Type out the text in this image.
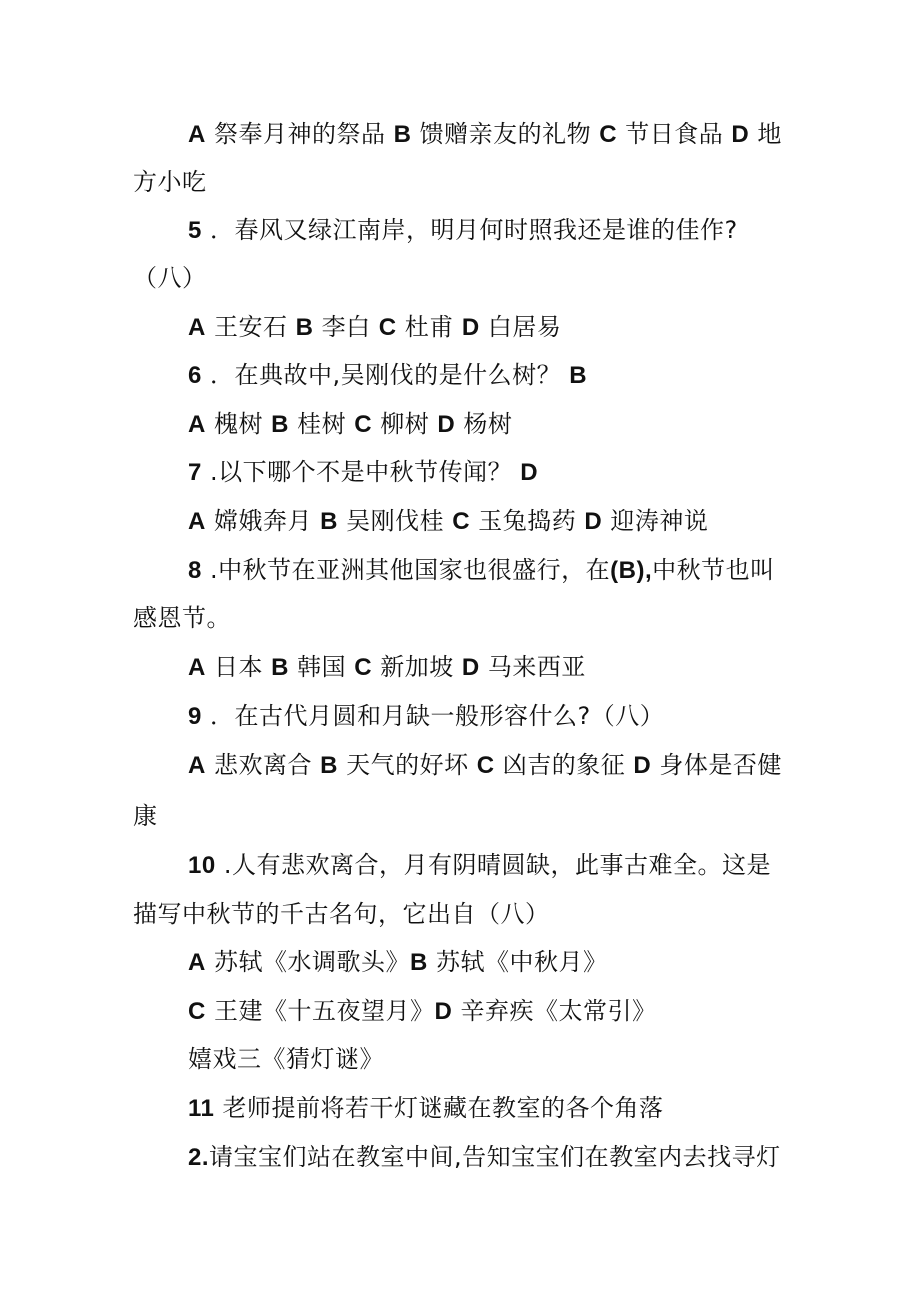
A 祭奉月神的祭品 B 馈赠亲友的礼物 C 节日食品 D 地
方小吃
5 ．春风又绿江南岸，明月何时照我还是谁的佳作?
（八）
A 王安石 B 李白 C 杜甫 D 白居易
6 ．在典故中,吴刚伐的是什么树？ B
A 槐树 B 桂树 C 柳树 D 杨树
7 .以下哪个不是中秋节传闻？ D
A 嫦娥奔月 B 吴刚伐桂 C 玉兔捣药 D 迎涛神说
8 .中秋节在亚洲其他国家也很盛行，在(B),中秋节也叫
感恩节。
A 日本 B 韩国 C 新加坡 D 马来西亚
9 ．在古代月圆和月缺一般形容什么?（八）
A 悲欢离合 B 天气的好坏 C 凶吉的象征 D 身体是否健
康
10 .人有悲欢离合，月有阴晴圆缺，此事古难全。这是
描写中秋节的千古名句，它出自（八）
A 苏轼《水调歌头》B 苏轼《中秋月》
C 王建《十五夜望月》D 辛弃疾《太常引》
嬉戏三《猜灯谜》
11 老师提前将若干灯谜藏在教室的各个角落
2.请宝宝们站在教室中间,告知宝宝们在教室内去找寻灯
